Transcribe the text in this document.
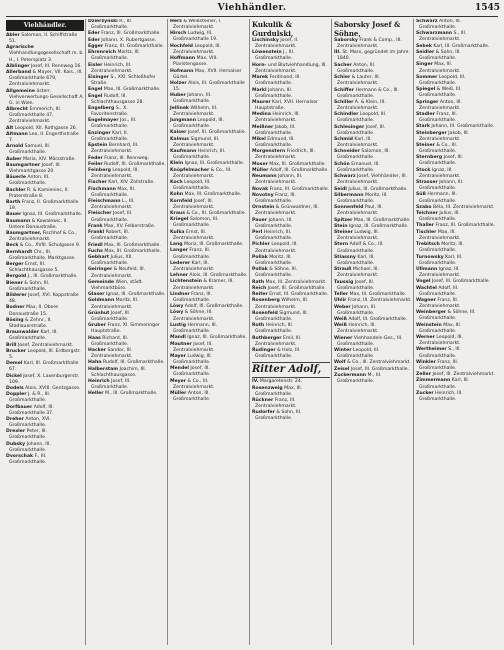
Viehhändler.	1545
Viehhändler.
Abler Salomon, II. Schiffstraße 51.
Agrarische Viehhandlungsgesellschaft m. b. H., I. Petersplatz 3.
Aiblinger Josef, III. Rennweg 16.
Allerband & Mayer, VII. Kais., III. Großmarkthalle 679, Zentralviehmarkt.
Allgemeine österr. Viehverwertungs-Gesellschaft A. G. in Wien.
Albrecht Emmerich, III. Großmarkthalle 47, Zentralviehmarkt.
Alt Leopold, XII. Rothgasse 26.
Altmann Leo, II. Engerthstraße 7.
Arnold Samuel, III. Großmarkthalle.
Auber Maria, XIV. Märzstraße.
Baumgartner Josef, III. Viehmarktgasse 20.
Bäuerle Anton, III. Großmarkthalle.
Bachler R. & Kamieniec, II. Praterstraße 8.
Barth Franz, II. Großmarkthalle 19.
Bauer Ignaz, III. Großmarkthalle.
Baumann & Kowalewic, II. Untere Donaustraße.
Baumgartner, Fischhof & Co., Zentralviehmarkt.
Beck & Co., XVIII. Schulgasse 9.
Bernhardt Chr., III. Großmarkthalle, Marktgasse.
Berger Ernst, III. Schlachthausgasse 5.
Bergold J., III. Großmarkthalle.
Biener & Sohn, III. Großmarkthalle.
Bilderer Josef, XVI. Koppstraße 48.
Bodner Max, II. Obere Donaustraße 15.
Bösing & Zehnr., II. Stadlauerstraße.
Braunwalder Karl, III. Großmarkthalle.
Brill Josef, Zentralviehmarkt.
Brucker Leopold, III. Erdbergstr. 5.
Demel Karl, III. Großmarkthalle 67.
Dickel Josef, X. Laxenburgerstr. 109.
Dodels Alois, XVIII. Gentzgasse.
Doppler J. & R., III. Großmarkthalle.
Dorfbauer Adolf, III. Großmarkthalle 37.
Dreher Anton, XVI. Großmarkthalle.
Drexler Peter, III. Großmarkthalle.
Dubsky Johann, III. Großmarkthalle.
Dvorschak F., III. Großmarkthalle.
Dzierzynski R., III. Großmarkthalle.
Eder Franz, III. Großmarkthalle.
Eder Johann, X. Rubertgasse.
Egger Franz, III. Großmarkthalle.
Ehrenreich Moritz, III. Großmarkthalle.
Eisler Heinrich, III. Zentralviehmarkt.
Eisinger S., XXI. Schloßhofer Straße.
Engel Max, III. Großmarkthalle.
Engel Rudolf, III. Schlachthausgasse 28.
Engelberg S., X. Favoritenstraße.
Engelmayer Jos., III. Großmarkthalle.
Enzinger Karl, II. Großmarkthalle.
Epstein Bernhard, III. Zentralviehmarkt.
Feder Franz, III. Rennweg.
Feiler Rudolf, III. Großmarkthalle.
Feinberg Leopold, III. Zentralviehmarkt.
Fischer Karl, XIV. Zollstraße.
Fischmann Max, III. Großmarkthalle.
Fleischmann L., III. Zentralviehmarkt.
Fleischer Josef, III. Großmarkthalle.
Frank Max, XV. Felberstraße.
Frankl Robert, III. Großmarkthalle.
Friedl Max, III. Großmarkthalle.
Fuchs Max, III. Großmarkthalle.
Gebhart Julius, XII. Großmarkthalle.
Geiringer & Neufeld, III. Zentralviehmarkt.
Gemeinde Wien, städt. Viehmarktbüro.
Glaser Ignaz, III. Großmarkthalle.
Goldmann Moritz, III. Zentralviehmarkt.
Grünhut Josef, III. Großmarkthalle.
Gruber Franz, XI. Simmeringer Hauptstraße.
Haas Richard, III. Großmarkthalle.
Hacker Sandor, III. Zentralviehmarkt.
Hahn Rudolf, III. Großmarkthalle.
Halberstam Joachim, III. Schlachthausgasse.
Heinrich Josef, III. Großmarkthalle.
Heller M., III. Großmarkthalle.
Herz & Weißsteiner, I. Zentralviehmarkt.
Hirsch Ludwig, III. Großmarkthalle 19.
Hochfeld Leopold, III. Zentralviehmarkt.
Hoffmann Max, VIII. Piaristengasse.
Hofmann Max, XVII. Hernalser Gürtel.
Holzer Alois, III. Großmarkthalle 15.
Huber Johann, III. Großmarkthalle.
Jellinek Wilhelm, III. Zentralviehmarkt.
Jungmann Leopold, III. Großmarkthalle.
Kaiser Josef, III. Großmarkthalle.
Kalmus Sigmund, III. Zentralviehmarkt.
Kaufmann Heinrich, III. Großmarkthalle.
Klein Ignaz, III. Großmarkthalle.
Knöpfelmacher & Co., III. Zentralviehmarkt.
Koch Leopold, III. Großmarkthalle.
Kohn Max, III. Großmarkthalle.
Kornfeld Josef, III. Zentralviehmarkt.
Kraus & Co., III. Großmarkthalle.
Kriegel Salomon, III. Großmarkthalle.
Kulka Ernst, III. Zentralviehmarkt.
Lang Moriz, III. Großmarkthalle.
Langer Franz, III. Großmarkthalle.
Lederer Karl, III. Zentralviehmarkt.
Lehner Alois, III. Großmarkthalle.
Lichtenstein & Kramer, III. Zentralviehmarkt.
Lindner Franz, III. Großmarkthalle.
Löwy Adolf, III. Großmarkthalle.
Löwy & Söhne, III. Zentralviehmarkt.
Lustig Hermann, III. Großmarkthalle.
Mandl Ignaz, III. Großmarkthalle.
Mautner Josef, III. Zentralviehmarkt.
Mayer Ludwig, III. Großmarkthalle.
Mendel Josef, III. Großmarkthalle.
Meyer & Co., III. Zentralviehmarkt.
Müller Anton, III. Großmarkthalle.
Kukulik & Gurdulski,
Lischinsky Josef, II. Zentralviehmarkt.
Löwenstein J., III. Großmarkthalle.
Horn- und Blutviehhandlung, III. Zentralviehmarkt.
Marek Ferdinand, III. Großmarkthalle.
Markl Johann, III. Großmarkthalle.
Maurer Karl, XVII. Hernalser Hauptstraße.
Medina Heinrich, III. Zentralviehmarkt.
Meißner Jakob, III. Großmarkthalle.
Mikel Edmund, III. Großmarkthalle.
Morgenstern Friedrich, III. Zentralviehmarkt.
Moser Max, III. Großmarkthalle.
Müller Adolf, III. Großmarkthalle.
Neumann Johann, III. Zentralviehmarkt.
Novak Franz, III. Großmarkthalle.
Novotny Franz, III. Großmarkthalle.
Ornstein & Grünwaldner, III. Zentralviehmarkt.
Pauer Johann, III. Großmarkthalle.
Perl Heinrich, III. Großmarkthalle.
Pichler Leopold, III. Zentralviehmarkt.
Pollak Moritz, III. Großmarkthalle.
Pollak & Söhne, III. Großmarkthalle.
Rath Max, III. Zentralviehmarkt.
Reich Josef, III. Großmarkthalle.
Reiter Ernst, III. Großmarkthalle.
Rosenberg Wilhelm, III. Zentralviehmarkt.
Rosenfeld Sigmund, III. Großmarkthalle.
Roth Heinrich, III. Großmarkthalle.
Rothberger Emil, III. Zentralviehmarkt.
Rudinger & Holz, III. Großmarkthalle.
Ritter Adolf,
IV. Margaretenstr. 24.
Rosenzweig Max, III. Großmarkthalle.
Rückner Franz, III. Zentralviehmarkt.
Rudorfer & Sohn, III. Großmarkthalle.
Saborsky Josef & Söhne,
Saborsky Frank & Comp., III. Zentralviehmarkt.
III. St. Marx, gegründet im Jahre 1840.
Sacher Anton, III. Großmarkthalle.
Schier & Lauter, III. Zentralviehmarkt.
Schiffer Hermann & Co., III. Großmarkthalle.
Schiller A. & Klein, III. Zentralviehmarkt.
Schindler Leopold, III. Großmarkthalle.
Schlesinger Josef, III. Großmarkthalle.
Schmid Karl, III. Zentralviehmarkt.
Schneider Salomon, III. Großmarkthalle.
Schön Emanuel, III. Großmarkthalle.
Schwarz Josef, Viehhändler, III. Zentralviehmarkt.
Seidl Julius, III. Großmarkthalle.
Silbermann Moritz, III. Großmarkthalle.
Sonnenfeld Paul, III. Zentralviehmarkt.
Spitzer Max, III. Großmarkthalle.
Stein Ignaz, III. Großmarkthalle.
Steiner Ludwig, III. Zentralviehmarkt.
Stern Adolf & Co., III. Großmarkthalle.
Stiassny Karl, III. Großmarkthalle.
Strauß Michael, III. Zentralviehmarkt.
Taussig Josef, III. Großmarkthalle.
Teller Max, III. Großmarkthalle.
Uhlir Franz, III. Zentralviehmarkt.
Weber Johann, III. Großmarkthalle.
Weiß Adolf, III. Großmarkthalle.
Weiß Heinrich, III. Zentralviehmarkt.
Wiener Viehhandels-Ges., III. Großmarkthalle.
Winter Leopold, III. Großmarkthalle.
Wolf & Co., III. Zentralviehmarkt.
Zeisel Josef, III. Großmarkthalle.
Zuckermann M., III. Großmarkthalle.
Schwarz Anton, III. Großmarkthalle.
Schwarzmann S., III. Zentralviehmarkt.
Sebek Karl, III. Großmarkthalle.
Seidler & Sohn, III. Großmarkthalle.
Singer Max, III. Zentralviehmarkt.
Sommer Leopold, III. Großmarkthalle.
Spiegel & Weiß, III. Großmarkthalle.
Springer Anton, III. Zentralviehmarkt.
Stadler Franz, III. Großmarkthalle.
Stark Johann, III. Großmarkthalle.
Steinberger Jakob, III. Zentralviehmarkt.
Steiner & Co., III. Großmarkthalle.
Sternberg Josef, III. Großmarkthalle.
Stock Ignaz, III. Zentralviehmarkt.
Strasser Johann, III. Großmarkthalle.
Süß Hermann, III. Großmarkthalle.
Szabo Béla, III. Zentralviehmarkt.
Teichner Julius, III. Großmarkthalle.
Thaller Franz, III. Großmarkthalle.
Tischler Max, III. Zentralviehmarkt.
Trebitsch Moritz, III. Großmarkthalle.
Turnowsky Karl, III. Großmarkthalle.
Ullmann Ignaz, III. Zentralviehmarkt.
Vogel Josef, III. Großmarkthalle.
Wachtel Adolf, III. Großmarkthalle.
Wagner Franz, III. Zentralviehmarkt.
Weinberger & Söhne, III. Großmarkthalle.
Weinstein Max, III. Großmarkthalle.
Werner Leopold, III. Zentralviehmarkt.
Wertheimer S., III. Großmarkthalle.
Winkler Franz, III. Großmarkthalle.
Zeller Josef, III. Zentralviehmarkt.
Zimmermann Karl, III. Großmarkthalle.
Zucker Heinrich, III. Großmarkthalle.
